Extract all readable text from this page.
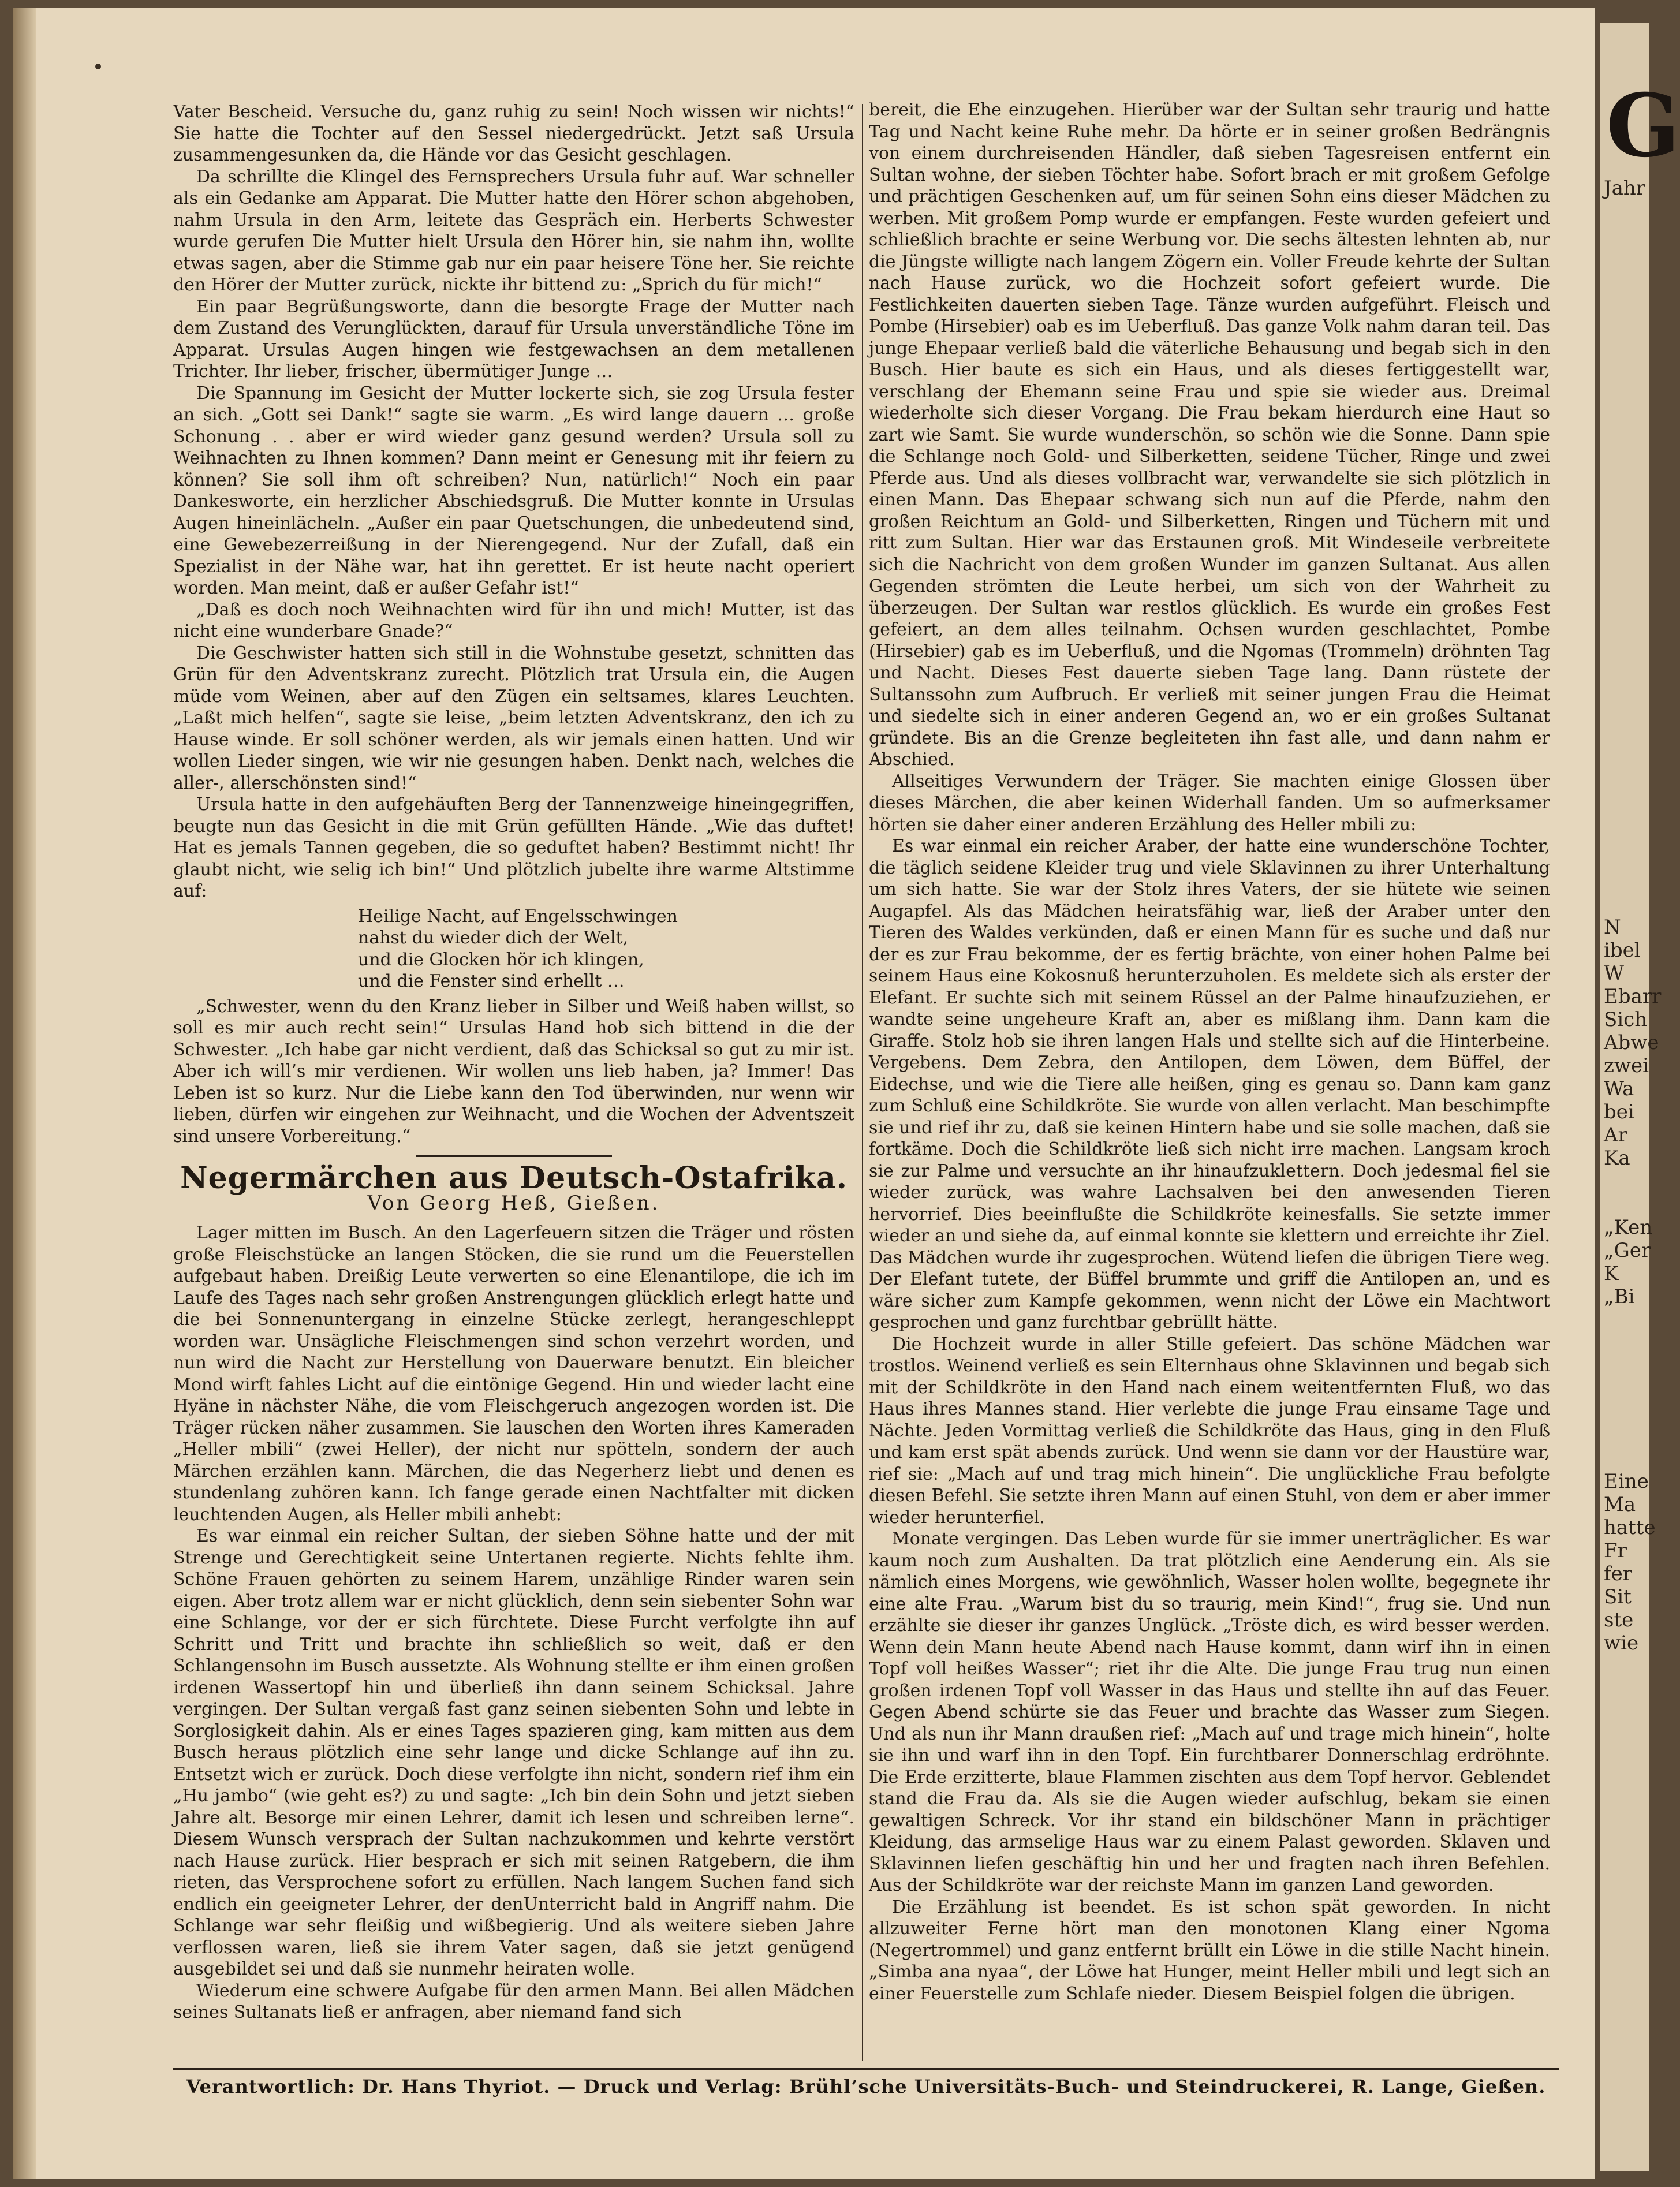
Vater Bescheid. Versuche du, ganz ruhig zu sein! Noch wissen wir nichts!“ Sie hatte die Tochter auf den Sessel niedergedrückt. Jetzt saß Ursula zusammengesunken da, die Hände vor das Gesicht geschlagen.

Da schrillte die Klingel des Fernsprechers Ursula fuhr auf. War schneller als ein Gedanke am Apparat. Die Mutter hatte den Hörer schon abgehoben, nahm Ursula in den Arm, leitete das Gespräch ein. Herberts Schwester wurde gerufen Die Mutter hielt Ursula den Hörer hin, sie nahm ihn, wollte etwas sagen, aber die Stimme gab nur ein paar heisere Töne her. Sie reichte den Hörer der Mutter zurück, nickte ihr bittend zu: „Sprich du für mich!“

Ein paar Begrüßungsworte, dann die besorgte Frage der Mutter nach dem Zustand des Verunglückten, darauf für Ursula unverständliche Töne im Apparat. Ursulas Augen hingen wie festgewachsen an dem metallenen Trichter. Ihr lieber, frischer, übermütiger Junge …

Die Spannung im Gesicht der Mutter lockerte sich, sie zog Ursula fester an sich. „Gott sei Dank!“ sagte sie warm. „Es wird lange dauern … große Schonung . . aber er wird wieder ganz gesund werden? Ursula soll zu Weihnachten zu Ihnen kommen? Dann meint er Genesung mit ihr feiern zu können? Sie soll ihm oft schreiben? Nun, natürlich!“ Noch ein paar Dankesworte, ein herzlicher Abschiedsgruß. Die Mutter konnte in Ursulas Augen hineinlächeln. „Außer ein paar Quetschungen, die unbedeutend sind, eine Gewebezerreißung in der Nierengegend. Nur der Zufall, daß ein Spezialist in der Nähe war, hat ihn gerettet. Er ist heute nacht operiert worden. Man meint, daß er außer Gefahr ist!“

„Daß es doch noch Weihnachten wird für ihn und mich! Mutter, ist das nicht eine wunderbare Gnade?“

Die Geschwister hatten sich still in die Wohnstube gesetzt, schnitten das Grün für den Adventskranz zurecht. Plötzlich trat Ursula ein, die Augen müde vom Weinen, aber auf den Zügen ein seltsames, klares Leuchten. „Laßt mich helfen“, sagte sie leise, „beim letzten Adventskranz, den ich zu Hause winde. Er soll schöner werden, als wir jemals einen hatten. Und wir wollen Lieder singen, wie wir nie gesungen haben. Denkt nach, welches die aller-, allerschönsten sind!“

Ursula hatte in den aufgehäuften Berg der Tannenzweige hineingegriffen, beugte nun das Gesicht in die mit Grün gefüllten Hände. „Wie das duftet! Hat es jemals Tannen gegeben, die so geduftet haben? Bestimmt nicht! Ihr glaubt nicht, wie selig ich bin!“ Und plötzlich jubelte ihre warme Altstimme auf:

Heilige Nacht, auf Engelsschwingen
nahst du wieder dich der Welt,
und die Glocken hör ich klingen,
und die Fenster sind erhellt …

„Schwester, wenn du den Kranz lieber in Silber und Weiß haben willst, so soll es mir auch recht sein!“ Ursulas Hand hob sich bittend in die der Schwester. „Ich habe gar nicht verdient, daß das Schicksal so gut zu mir ist. Aber ich will’s mir verdienen. Wir wollen uns lieb haben, ja? Immer! Das Leben ist so kurz. Nur die Liebe kann den Tod überwinden, nur wenn wir lieben, dürfen wir eingehen zur Weihnacht, und die Wochen der Adventszeit sind unsere Vorbereitung.“

Negermärchen aus Deutsch-Ostafrika.
Von Georg Heß, Gießen.

Lager mitten im Busch. An den Lagerfeuern sitzen die Träger und rösten große Fleischstücke an langen Stöcken, die sie rund um die Feuerstellen aufgebaut haben. Dreißig Leute verwerten so eine Elenantilope, die ich im Laufe des Tages nach sehr großen Anstrengungen glücklich erlegt hatte und die bei Sonnenuntergang in einzelne Stücke zerlegt, herangeschleppt worden war. Unsägliche Fleischmengen sind schon verzehrt worden, und nun wird die Nacht zur Herstellung von Dauerware benutzt. Ein bleicher Mond wirft fahles Licht auf die eintönige Gegend. Hin und wieder lacht eine Hyäne in nächster Nähe, die vom Fleischgeruch angezogen worden ist. Die Träger rücken näher zusammen. Sie lauschen den Worten ihres Kameraden „Heller mbili“ (zwei Heller), der nicht nur spötteln, sondern der auch Märchen erzählen kann. Märchen, die das Negerherz liebt und denen es stundenlang zuhören kann. Ich fange gerade einen Nachtfalter mit dicken leuchtenden Augen, als Heller mbili anhebt:

Es war einmal ein reicher Sultan, der sieben Söhne hatte und der mit Strenge und Gerechtigkeit seine Untertanen regierte. Nichts fehlte ihm. Schöne Frauen gehörten zu seinem Harem, unzählige Rinder waren sein eigen. Aber trotz allem war er nicht glücklich, denn sein siebenter Sohn war eine Schlange, vor der er sich fürchtete. Diese Furcht verfolgte ihn auf Schritt und Tritt und brachte ihn schließlich so weit, daß er den Schlangensohn im Busch aussetzte. Als Wohnung stellte er ihm einen großen irdenen Wassertopf hin und überließ ihn dann seinem Schicksal. Jahre vergingen. Der Sultan vergaß fast ganz seinen siebenten Sohn und lebte in Sorglosigkeit dahin. Als er eines Tages spazieren ging, kam mitten aus dem Busch heraus plötzlich eine sehr lange und dicke Schlange auf ihn zu. Entsetzt wich er zurück. Doch diese verfolgte ihn nicht, sondern rief ihm ein „Hu jambo“ (wie geht es?) zu und sagte: „Ich bin dein Sohn und jetzt sieben Jahre alt. Besorge mir einen Lehrer, damit ich lesen und schreiben lerne“. Diesem Wunsch versprach der Sultan nachzukommen und kehrte verstört nach Hause zurück. Hier besprach er sich mit seinen Ratgebern, die ihm rieten, das Versprochene sofort zu erfüllen. Nach langem Suchen fand sich endlich ein geeigneter Lehrer, der denUnterricht bald in Angriff nahm. Die Schlange war sehr fleißig und wißbegierig. Und als weitere sieben Jahre verflossen waren, ließ sie ihrem Vater sagen, daß sie jetzt genügend ausgebildet sei und daß sie nunmehr heiraten wolle.

Wiederum eine schwere Aufgabe für den armen Mann. Bei allen Mädchen seines Sultanats ließ er anfragen, aber niemand fand sich

bereit, die Ehe einzugehen. Hierüber war der Sultan sehr traurig und hatte Tag und Nacht keine Ruhe mehr. Da hörte er in seiner großen Bedrängnis von einem durchreisenden Händler, daß sieben Tagesreisen entfernt ein Sultan wohne, der sieben Töchter habe. Sofort brach er mit großem Gefolge und prächtigen Geschenken auf, um für seinen Sohn eins dieser Mädchen zu werben. Mit großem Pomp wurde er empfangen. Feste wurden gefeiert und schließlich brachte er seine Werbung vor. Die sechs ältesten lehnten ab, nur die Jüngste willigte nach langem Zögern ein. Voller Freude kehrte der Sultan nach Hause zurück, wo die Hochzeit sofort gefeiert wurde. Die Festlichkeiten dauerten sieben Tage. Tänze wurden aufgeführt. Fleisch und Pombe (Hirsebier) oab es im Ueberfluß. Das ganze Volk nahm daran teil. Das junge Ehepaar verließ bald die väterliche Behausung und begab sich in den Busch. Hier baute es sich ein Haus, und als dieses fertiggestellt war, verschlang der Ehemann seine Frau und spie sie wieder aus. Dreimal wiederholte sich dieser Vorgang. Die Frau bekam hierdurch eine Haut so zart wie Samt. Sie wurde wunderschön, so schön wie die Sonne. Dann spie die Schlange noch Gold- und Silberketten, seidene Tücher, Ringe und zwei Pferde aus. Und als dieses vollbracht war, verwandelte sie sich plötzlich in einen Mann. Das Ehepaar schwang sich nun auf die Pferde, nahm den großen Reichtum an Gold- und Silberketten, Ringen und Tüchern mit und ritt zum Sultan. Hier war das Erstaunen groß. Mit Windeseile verbreitete sich die Nachricht von dem großen Wunder im ganzen Sultanat. Aus allen Gegenden strömten die Leute herbei, um sich von der Wahrheit zu überzeugen. Der Sultan war restlos glücklich. Es wurde ein großes Fest gefeiert, an dem alles teilnahm. Ochsen wurden geschlachtet, Pombe (Hirsebier) gab es im Ueberfluß, und die Ngomas (Trommeln) dröhnten Tag und Nacht. Dieses Fest dauerte sieben Tage lang. Dann rüstete der Sultanssohn zum Aufbruch. Er verließ mit seiner jungen Frau die Heimat und siedelte sich in einer anderen Gegend an, wo er ein großes Sultanat gründete. Bis an die Grenze begleiteten ihn fast alle, und dann nahm er Abschied.

Allseitiges Verwundern der Träger. Sie machten einige Glossen über dieses Märchen, die aber keinen Widerhall fanden. Um so aufmerksamer hörten sie daher einer anderen Erzählung des Heller mbili zu:

Es war einmal ein reicher Araber, der hatte eine wunderschöne Tochter, die täglich seidene Kleider trug und viele Sklavinnen zu ihrer Unterhaltung um sich hatte. Sie war der Stolz ihres Vaters, der sie hütete wie seinen Augapfel. Als das Mädchen heiratsfähig war, ließ der Araber unter den Tieren des Waldes verkünden, daß er einen Mann für es suche und daß nur der es zur Frau bekomme, der es fertig brächte, von einer hohen Palme bei seinem Haus eine Kokosnuß herunterzuholen. Es meldete sich als erster der Elefant. Er suchte sich mit seinem Rüssel an der Palme hinaufzuziehen, er wandte seine ungeheure Kraft an, aber es mißlang ihm. Dann kam die Giraffe. Stolz hob sie ihren langen Hals und stellte sich auf die Hinterbeine. Vergebens. Dem Zebra, den Antilopen, dem Löwen, dem Büffel, der Eidechse, und wie die Tiere alle heißen, ging es genau so. Dann kam ganz zum Schluß eine Schildkröte. Sie wurde von allen verlacht. Man beschimpfte sie und rief ihr zu, daß sie keinen Hintern habe und sie solle machen, daß sie fortkäme. Doch die Schildkröte ließ sich nicht irre machen. Langsam kroch sie zur Palme und versuchte an ihr hinaufzuklettern. Doch jedesmal fiel sie wieder zurück, was wahre Lachsalven bei den anwesenden Tieren hervorrief. Dies beeinflußte die Schildkröte keinesfalls. Sie setzte immer wieder an und siehe da, auf einmal konnte sie klettern und erreichte ihr Ziel. Das Mädchen wurde ihr zugesprochen. Wütend liefen die übrigen Tiere weg. Der Elefant tutete, der Büffel brummte und griff die Antilopen an, und es wäre sicher zum Kampfe gekommen, wenn nicht der Löwe ein Machtwort gesprochen und ganz furchtbar gebrüllt hätte.

Die Hochzeit wurde in aller Stille gefeiert. Das schöne Mädchen war trostlos. Weinend verließ es sein Elternhaus ohne Sklavinnen und begab sich mit der Schildkröte in den Hand nach einem weitentfernten Fluß, wo das Haus ihres Mannes stand. Hier verlebte die junge Frau einsame Tage und Nächte. Jeden Vormittag verließ die Schildkröte das Haus, ging in den Fluß und kam erst spät abends zurück. Und wenn sie dann vor der Haustüre war, rief sie: „Mach auf und trag mich hinein“. Die unglückliche Frau befolgte diesen Befehl. Sie setzte ihren Mann auf einen Stuhl, von dem er aber immer wieder herunterfiel.

Monate vergingen. Das Leben wurde für sie immer unerträglicher. Es war kaum noch zum Aushalten. Da trat plötzlich eine Aenderung ein. Als sie nämlich eines Morgens, wie gewöhnlich, Wasser holen wollte, begegnete ihr eine alte Frau. „Warum bist du so traurig, mein Kind!“, frug sie. Und nun erzählte sie dieser ihr ganzes Unglück. „Tröste dich, es wird besser werden. Wenn dein Mann heute Abend nach Hause kommt, dann wirf ihn in einen Topf voll heißes Wasser“; riet ihr die Alte. Die junge Frau trug nun einen großen irdenen Topf voll Wasser in das Haus und stellte ihn auf das Feuer. Gegen Abend schürte sie das Feuer und brachte das Wasser zum Siegen. Und als nun ihr Mann draußen rief: „Mach auf und trage mich hinein“, holte sie ihn und warf ihn in den Topf. Ein furchtbarer Donnerschlag erdröhnte. Die Erde erzitterte, blaue Flammen zischten aus dem Topf hervor. Geblendet stand die Frau da. Als sie die Augen wieder aufschlug, bekam sie einen gewaltigen Schreck. Vor ihr stand ein bildschöner Mann in prächtiger Kleidung, das armselige Haus war zu einem Palast geworden. Sklaven und Sklavinnen liefen geschäftig hin und her und fragten nach ihren Befehlen. Aus der Schildkröte war der reichste Mann im ganzen Land geworden.

Die Erzählung ist beendet. Es ist schon spät geworden. In nicht allzuweiter Ferne hört man den monotonen Klang einer Ngoma (Negertrommel) und ganz entfernt brüllt ein Löwe in die stille Nacht hinein. „Simba ana nyaa“, der Löwe hat Hunger, meint Heller mbili und legt sich an einer Feuerstelle zum Schlafe nieder. Diesem Beispiel folgen die übrigen.

Verantwortlich: Dr. Hans Thyriot. — Druck und Verlag: Brühl’sche Universitäts-Buch- und Steindruckerei, R. Lange, Gießen.
G
Jahr

N
ibel
W
Ebarr
Sich
Abwe
zwei
Wa
bei
Ar
Ka

„Ken
„Ger
K
„Bi

Eine
Ma
hatte
Fr
fer
Sit
ste
wie
